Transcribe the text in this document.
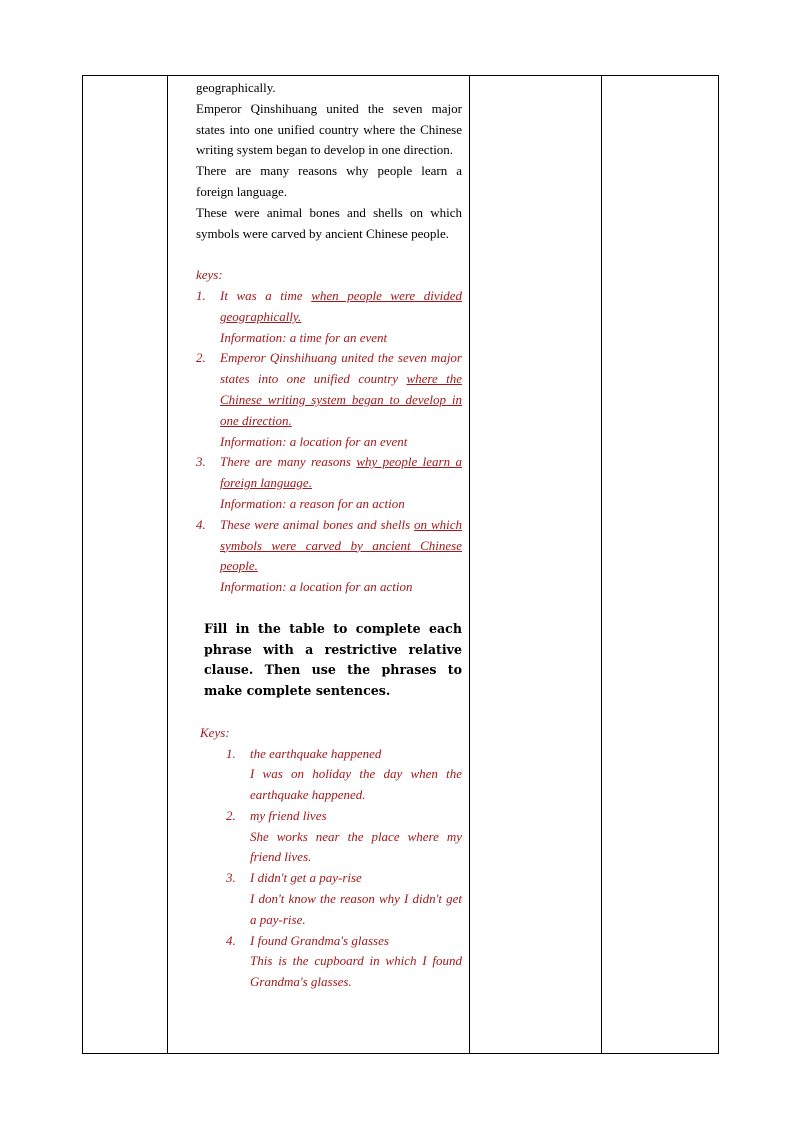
geographically.

Emperor Qinshihuang united the seven major states into one unified country where the Chinese writing system began to develop in one direction.

There are many reasons why people learn a foreign language.

These were animal bones and shells on which symbols were carved by ancient Chinese people.

keys:

1. It was a time when people were divided geographically.
Information: a time for an event
2. Emperor Qinshihuang united the seven major states into one unified country where the Chinese writing system began to develop in one direction.
Information: a location for an event
3. There are many reasons why people learn a foreign language.
Information: a reason for an action
4. These were animal bones and shells on which symbols were carved by ancient Chinese people.
Information: a location for an action

Fill in the table to complete each phrase with a restrictive relative clause. Then use the phrases to make complete sentences.

Keys:

1. the earthquake happened
I was on holiday the day when the earthquake happened.
2. my friend lives
She works near the place where my friend lives.
3. I didn't get a pay-rise
I don't know the reason why I didn't get a pay-rise.
4. I found Grandma's glasses
This is the cupboard in which I found Grandma's glasses.
